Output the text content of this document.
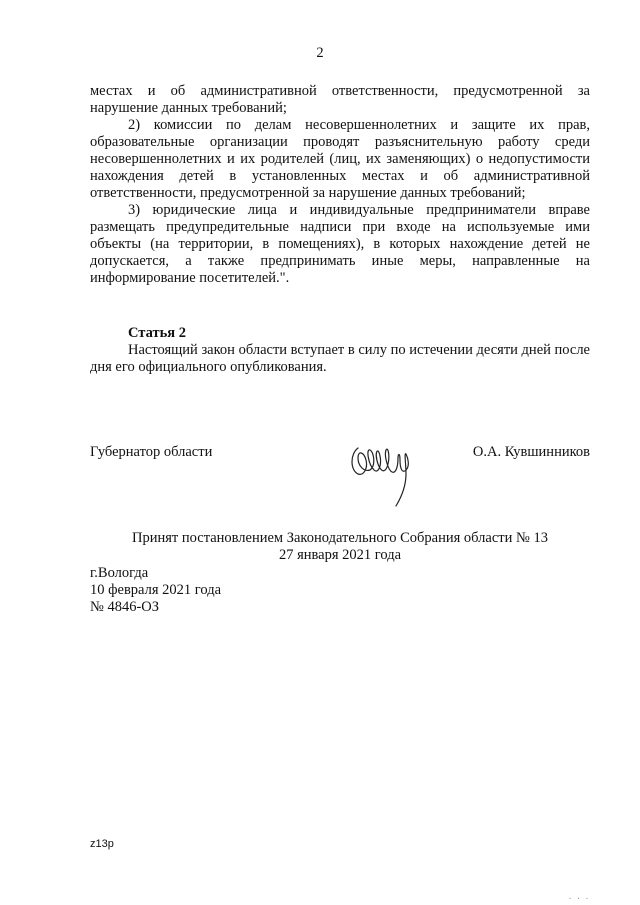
2

местах и об административной ответственности, предусмотренной за нарушение данных требований;

2) комиссии по делам несовершеннолетних и защите их прав, образовательные организации проводят разъяснительную работу среди несовершеннолетних и их родителей (лиц, их заменяющих) о недопустимости нахождения детей в установленных местах и об административной ответственности, предусмотренной за нарушение данных требований;

3) юридические лица и индивидуальные предприниматели вправе размещать предупредительные надписи при входе на используемые ими объекты (на территории, в помещениях), в которых нахождение детей не допускается, а также предпринимать иные меры, направленные на информирование посетителей.".

Статья 2

Настоящий закон области вступает в силу по истечении десяти дней после дня его официального опубликования.

Губернатор области	О.А. Кувшинников
Принят постановлением Законодательного Собрания области № 13
27 января 2021 года
г.Вологда
10 февраля 2021 года
№ 4846-ОЗ
z13p
· · ·
